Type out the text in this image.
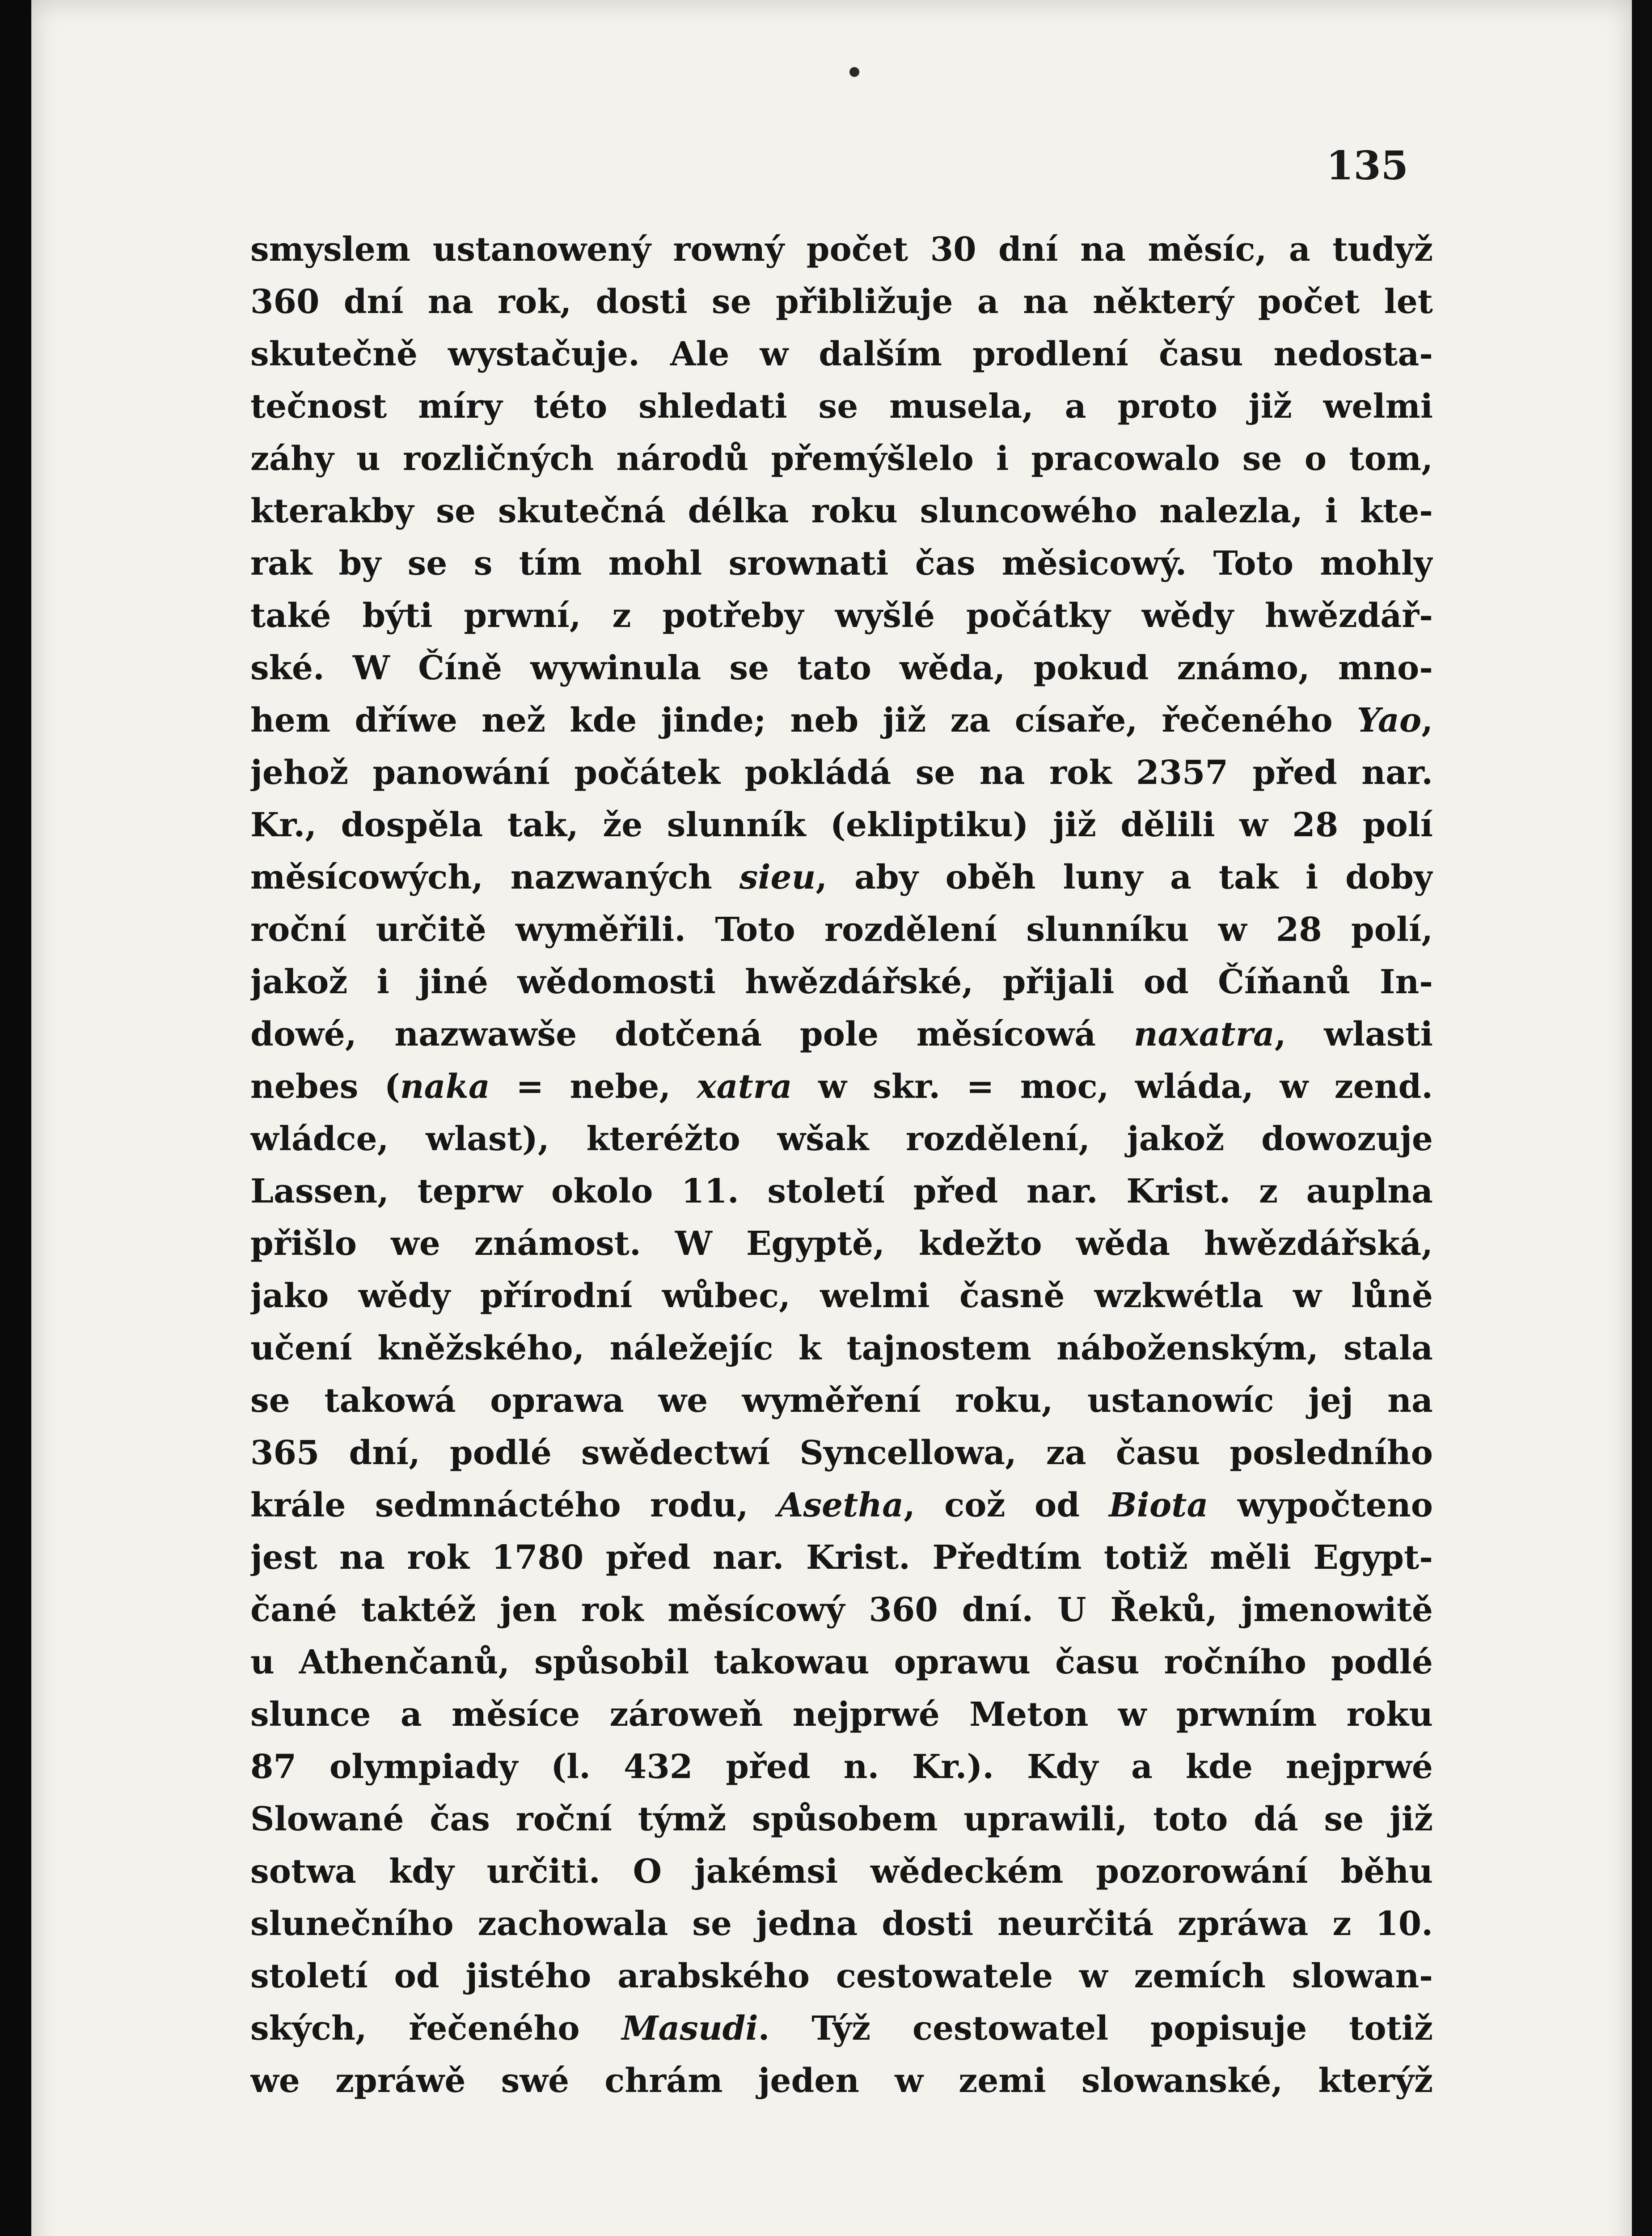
135

smyslem ustanowený rowný počet 30 dní na měsíc, a tudyž
360 dní na rok, dosti se přibližuje a na některý počet let
skutečně wystačuje. Ale w dalším prodlení času nedosta-
tečnost míry této shledati se musela, a proto již welmi
záhy u rozličných národů přemýšlelo i pracowalo se o tom,
kterakby se skutečná délka roku sluncowého nalezla, i kte-
rak by se s tím mohl srownati čas měsicowý. Toto mohly
také býti prwní, z potřeby wyšlé počátky wědy hwězdář-
ské. W Číně wywinula se tato wěda, pokud známo, mno-
hem dříwe než kde jinde; neb již za císaře, řečeného Yao,
jehož panowání počátek pokládá se na rok 2357 před nar.
Kr., dospěla tak, že slunník (ekliptiku) již dělili w 28 polí
měsícowých, nazwaných sieu, aby oběh luny a tak i doby
roční určitě wyměřili. Toto rozdělení slunníku w 28 polí,
jakož i jiné wědomosti hwězdářské, přijali od Číňanů In-
dowé, nazwawše dotčená pole měsícowá naxatra, wlasti
nebes (naka = nebe, xatra w skr. = moc, wláda, w zend.
wládce, wlast), kteréžto wšak rozdělení, jakož dowozuje
Lassen, teprw okolo 11. století před nar. Krist. z auplna
přišlo we známost. W Egyptě, kdežto wěda hwězdářská,
jako wědy přírodní wůbec, welmi časně wzkwétla w lůně
učení kněžského, náležejíc k tajnostem náboženským, stala
se takowá oprawa we wyměření roku, ustanowíc jej na
365 dní, podlé swědectwí Syncellowa, za času posledního
krále sedmnáctého rodu, Asetha, což od Biota wypočteno
jest na rok 1780 před nar. Krist. Předtím totiž měli Egypt-
čané taktéž jen rok měsícowý 360 dní. U Řeků, jmenowitě
u Athenčanů, spůsobil takowau oprawu času ročního podlé
slunce a měsíce zároweň nejprwé Meton w prwním roku
87 olympiady (l. 432 před n. Kr.). Kdy a kde nejprwé
Slowané čas roční týmž spůsobem uprawili, toto dá se již
sotwa kdy určiti. O jakémsi wědeckém pozorowání běhu
slunečního zachowala se jedna dosti neurčitá zpráwa z 10.
století od jistého arabského cestowatele w zemích slowan-
ských, řečeného Masudi. Týž cestowatel popisuje totiž
we zpráwě swé chrám jeden w zemi slowanské, kterýž
